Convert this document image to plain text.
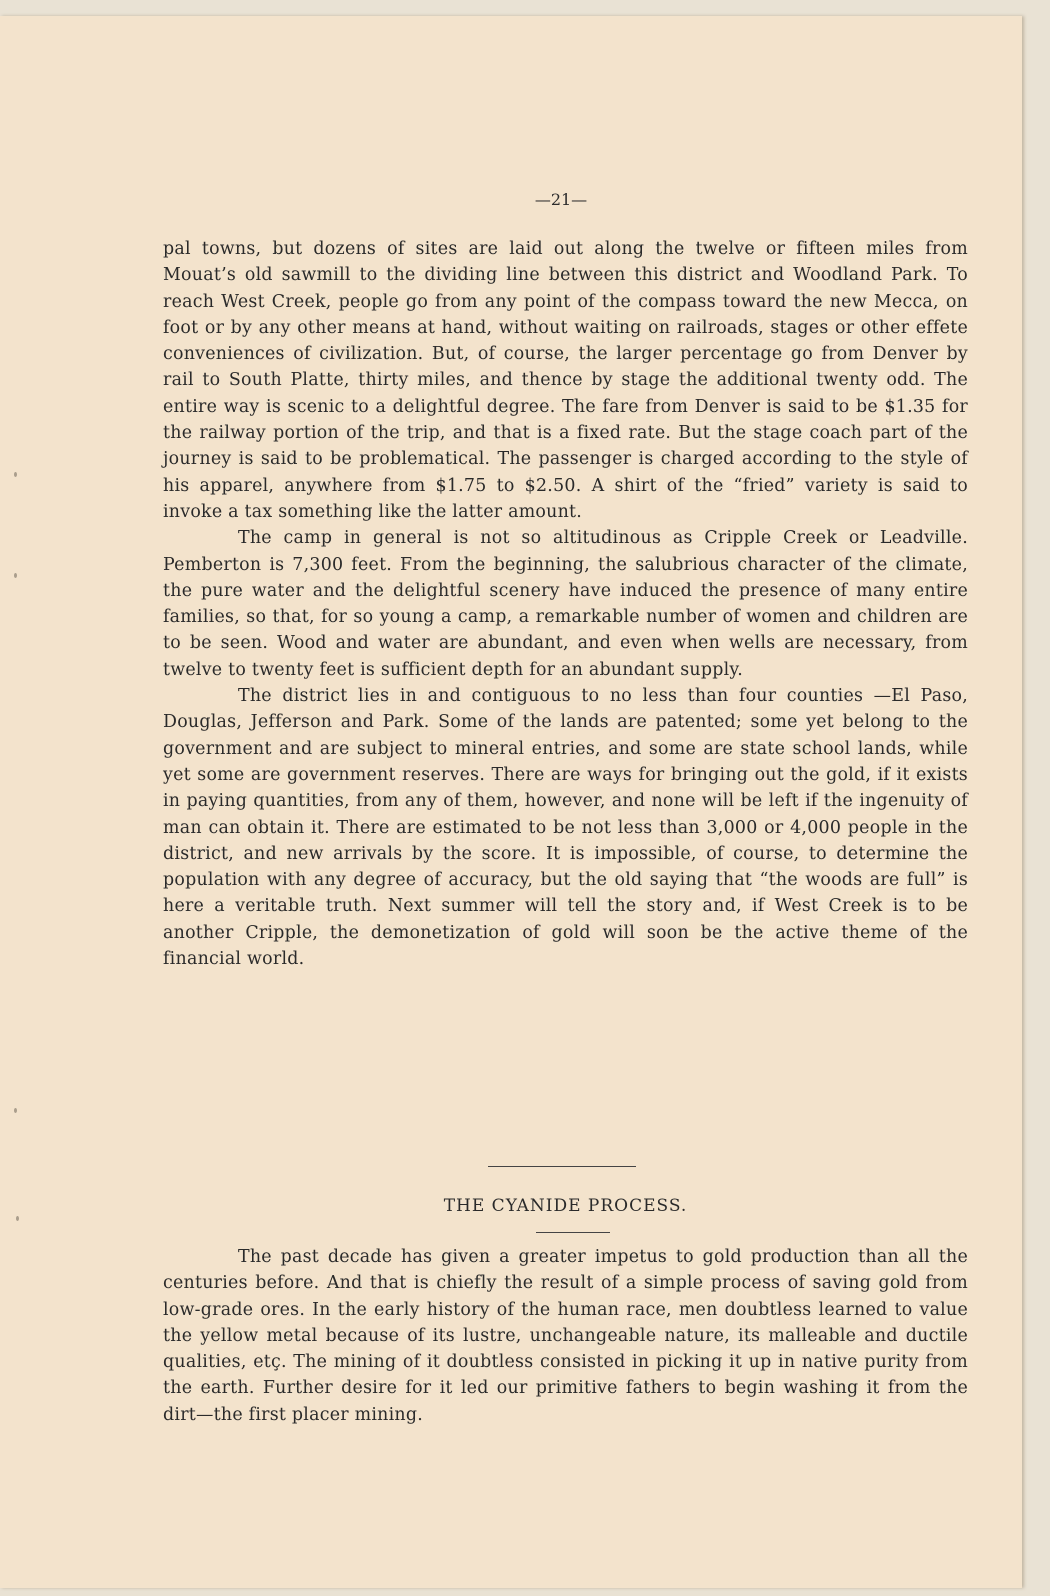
—21—

pal towns, but dozens of sites are laid out along the twelve or fifteen miles from Mouat’s old sawmill to the dividing line between this district and Woodland Park. To reach West Creek, people go from any point of the compass toward the new Mecca, on foot or by any other means at hand, without waiting on railroads, stages or other effete conveniences of civilization. But, of course, the larger percentage go from Denver by rail to South Platte, thirty miles, and thence by stage the additional twenty odd. The entire way is scenic to a delightful degree. The fare from Denver is said to be $1.35 for the railway portion of the trip, and that is a fixed rate. But the stage coach part of the journey is said to be problematical. The passenger is charged according to the style of his apparel, anywhere from $1.75 to $2.50. A shirt of the “fried” variety is said to invoke a tax something like the latter amount.

The camp in general is not so altitudinous as Cripple Creek or Leadville. Pemberton is 7,300 feet. From the beginning, the salubrious character of the climate, the pure water and the delightful scenery have induced the presence of many entire families, so that, for so young a camp, a remarkable number of women and children are to be seen. Wood and water are abundant, and even when wells are necessary, from twelve to twenty feet is sufficient depth for an abundant supply.

The district lies in and contiguous to no less than four counties —El Paso, Douglas, Jefferson and Park. Some of the lands are patented; some yet belong to the government and are subject to mineral entries, and some are state school lands, while yet some are government reserves. There are ways for bringing out the gold, if it exists in paying quantities, from any of them, however, and none will be left if the ingenuity of man can obtain it. There are estimated to be not less than 3,000 or 4,000 people in the district, and new arrivals by the score. It is impossible, of course, to determine the population with any degree of accuracy, but the old saying that “the woods are full” is here a veritable truth. Next summer will tell the story and, if West Creek is to be another Cripple, the demonetization of gold will soon be the active theme of the financial world.

THE CYANIDE PROCESS.

The past decade has given a greater impetus to gold production than all the centuries before. And that is chiefly the result of a simple process of saving gold from low-grade ores. In the early history of the human race, men doubtless learned to value the yellow metal because of its lustre, unchangeable nature, its malleable and ductile qualities, etç. The mining of it doubtless consisted in picking it up in native purity from the earth. Further desire for it led our primitive fathers to begin washing it from the dirt—the first placer mining.
